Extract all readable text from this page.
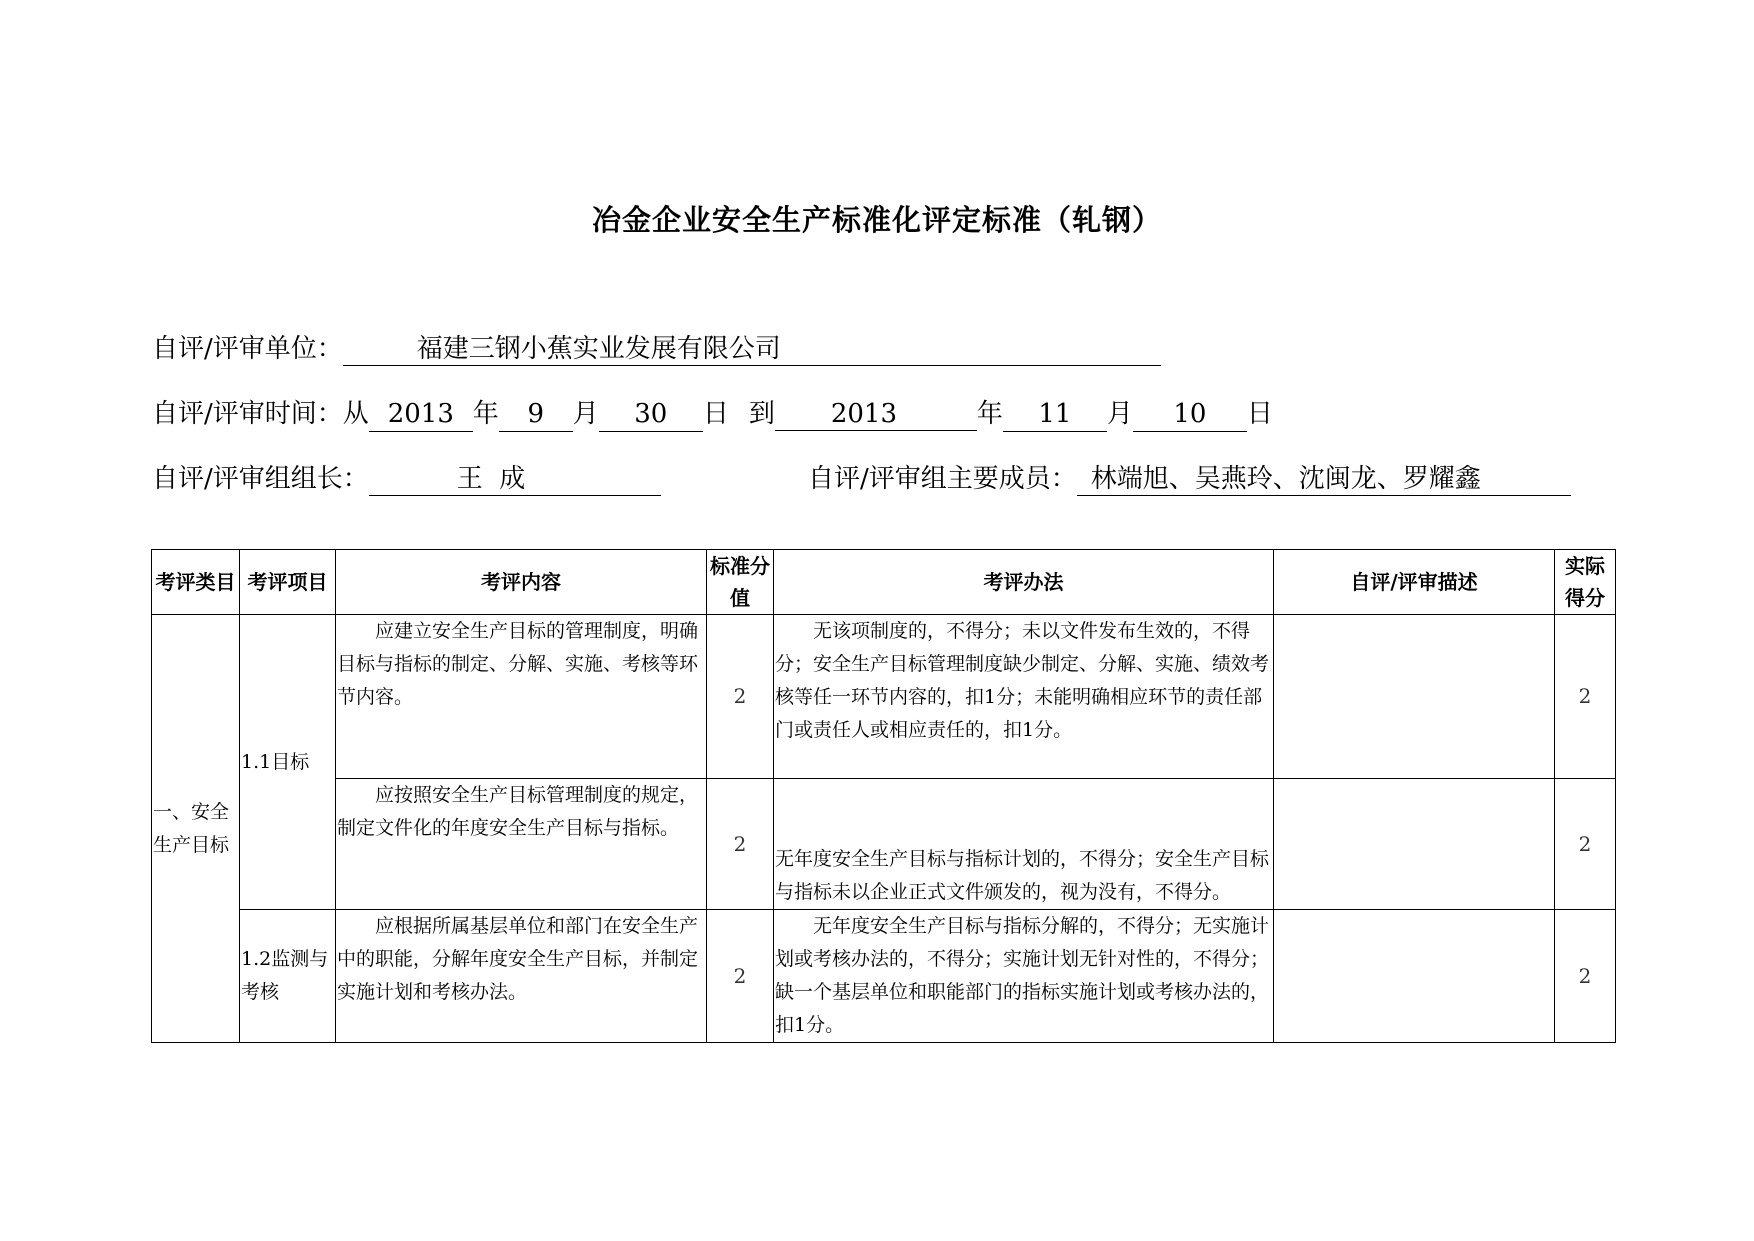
冶金企业安全生产标准化评定标准（轧钢）
自评/评审单位：	福建三钢小蕉实业发展有限公司
自评/评审时间：从 2013 年 9 月 30 日 到 2013	年 11 月 10 日
自评/评审组组长：	王  成	自评/评审组主要成员： 林端旭、吴燕玲、沈闽龙、罗耀鑫
考评类目	考评项目	考评内容	标准分值	考评办法	自评/评审描述	实际得分
一、安全生产目标	1.1目标	应建立安全生产目标的管理制度，明确目标与指标的制定、分解、实施、考核等环节内容。	2	无该项制度的，不得分；未以文件发布生效的，不得分；安全生产目标管理制度缺少制定、分解、实施、绩效考核等任一环节内容的，扣1分；未能明确相应环节的责任部门或责任人或相应责任的，扣1分。		2
		应按照安全生产目标管理制度的规定，制定文件化的年度安全生产目标与指标。	2	无年度安全生产目标与指标计划的，不得分；安全生产目标与指标未以企业正式文件颁发的，视为没有，不得分。		2
	1.2监测与考核	应根据所属基层单位和部门在安全生产中的职能，分解年度安全生产目标，并制定实施计划和考核办法。	2	无年度安全生产目标与指标分解的，不得分；无实施计划或考核办法的，不得分；实施计划无针对性的，不得分；缺一个基层单位和职能部门的指标实施计划或考核办法的，扣1分。		2
